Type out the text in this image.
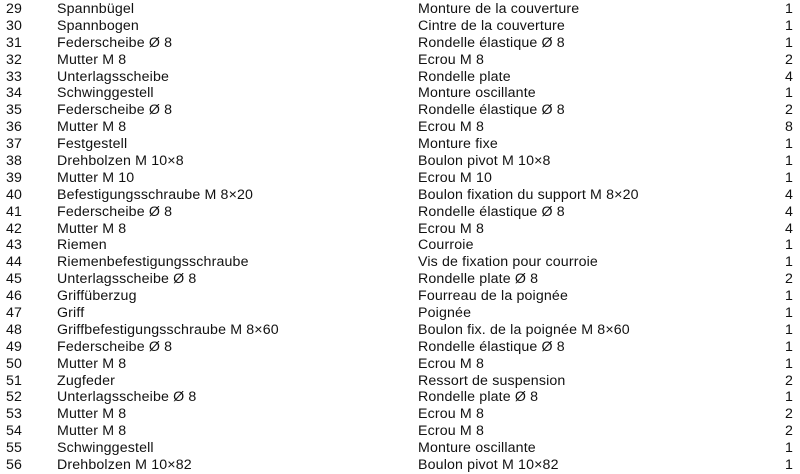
29 Spannbügel	Monture de la couverture	1
30 Spannbogen	Cintre de la couverture	1
31 Federscheibe Ø 8	Rondelle élastique Ø 8	1
32 Mutter M 8	Ecrou M 8	2
33 Unterlagsscheibe	Rondelle plate	4
34 Schwinggestell	Monture oscillante	1
35 Federscheibe Ø 8	Rondelle élastique Ø 8	2
36 Mutter M 8	Ecrou M 8	8
37 Festgestell	Monture fixe	1
38 Drehbolzen M 10×8	Boulon pivot M 10×8	1
39 Mutter M 10	Ecrou M 10	1
40 Befestigungsschraube M 8×20	Boulon fixation du support M 8×20	4
41 Federscheibe Ø 8	Rondelle élastique Ø 8	4
42 Mutter M 8	Ecrou M 8	4
43 Riemen	Courroie	1
44 Riemenbefestigungsschraube	Vis de fixation pour courroie	1
45 Unterlagsscheibe Ø 8	Rondelle plate Ø 8	2
46 Griffüberzug	Fourreau de la poignée	1
47 Griff	Poignée	1
48 Griffbefestigungsschraube M 8×60	Boulon fix. de la poignée M 8×60	1
49 Federscheibe Ø 8	Rondelle élastique Ø 8	1
50 Mutter M 8	Ecrou M 8	1
51 Zugfeder	Ressort de suspension	2
52 Unterlagsscheibe Ø 8	Rondelle plate Ø 8	1
53 Mutter M 8	Ecrou M 8	2
54 Mutter M 8	Ecrou M 8	2
55 Schwinggestell	Monture oscillante	1
56 Drehbolzen M 10×82	Boulon pivot M 10×82	1
